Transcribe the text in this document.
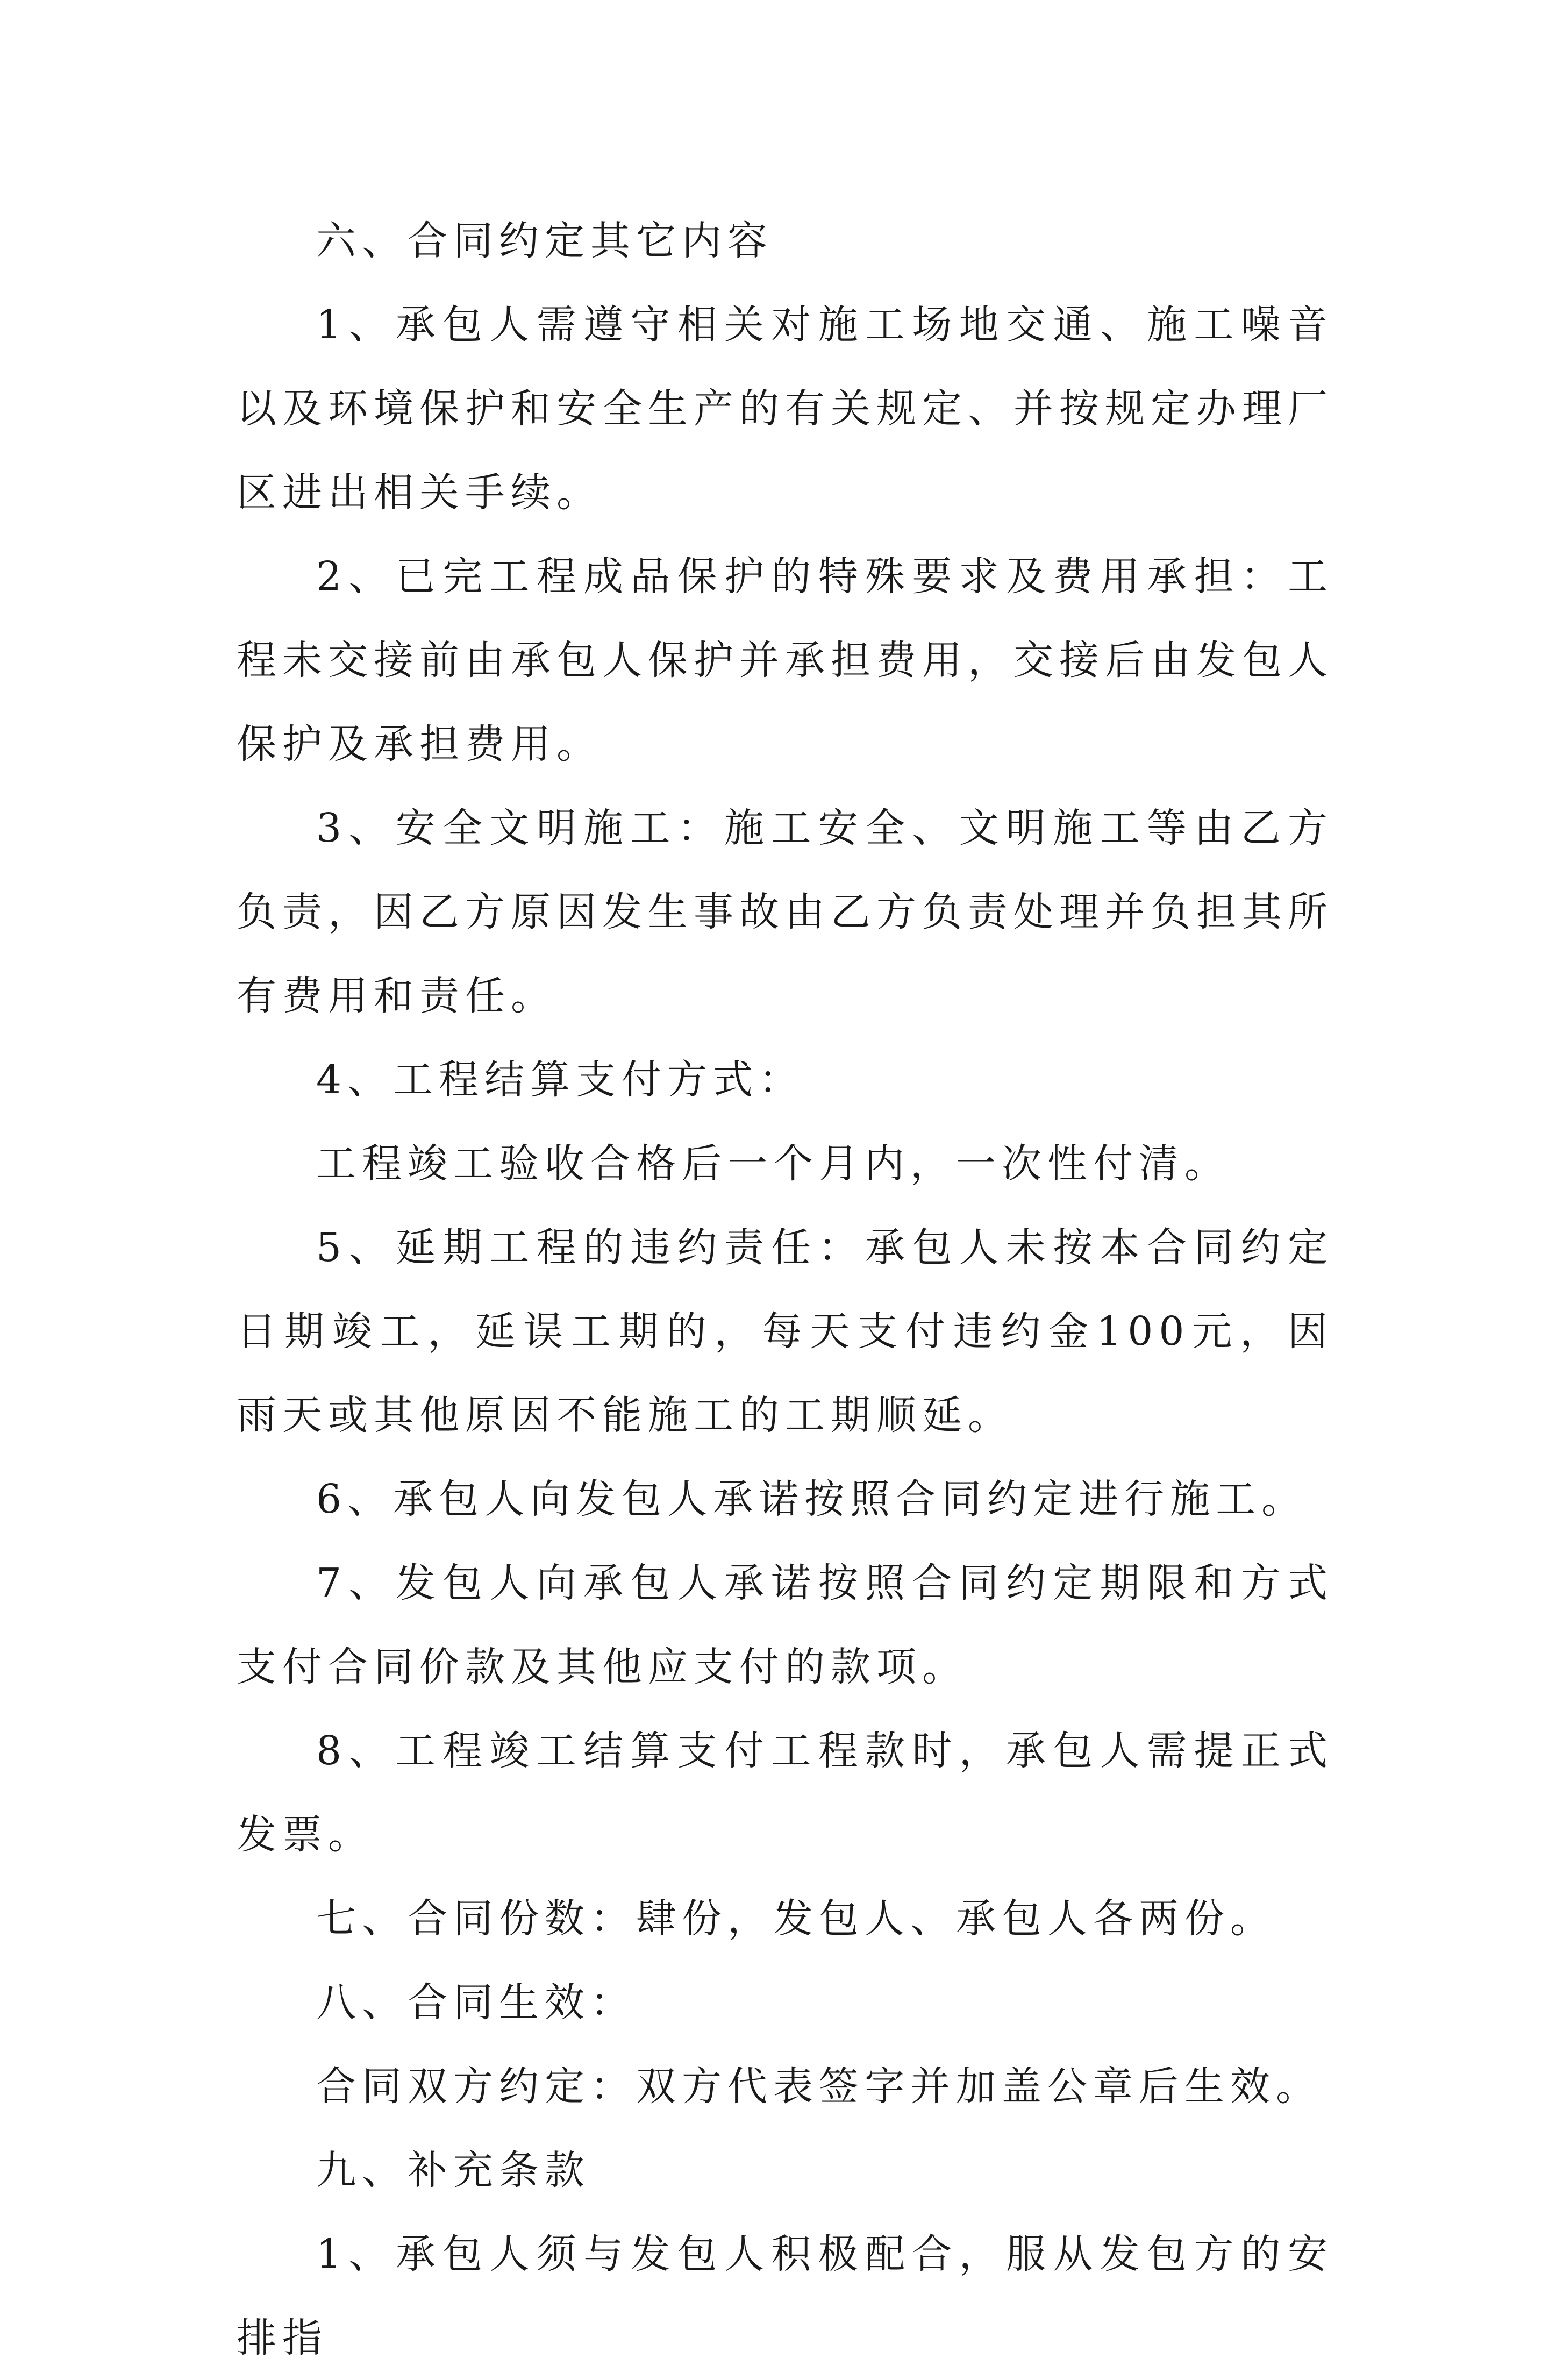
六、合同约定其它内容

1、承包人需遵守相关对施工场地交通、施工噪音以及环境保护和安全生产的有关规定、并按规定办理厂区进出相关手续。

2、已完工程成品保护的特殊要求及费用承担：工程未交接前由承包人保护并承担费用，交接后由发包人保护及承担费用。

3、安全文明施工：施工安全、文明施工等由乙方负责，因乙方原因发生事故由乙方负责处理并负担其所有费用和责任。

4、工程结算支付方式：

工程竣工验收合格后一个月内，一次性付清。

5、延期工程的违约责任：承包人未按本合同约定日期竣工，延误工期的，每天支付违约金100元，因雨天或其他原因不能施工的工期顺延。

6、承包人向发包人承诺按照合同约定进行施工。

7、发包人向承包人承诺按照合同约定期限和方式支付合同价款及其他应支付的款项。

8、工程竣工结算支付工程款时，承包人需提正式发票。

七、合同份数：肆份，发包人、承包人各两份。

八、合同生效：

合同双方约定：双方代表签字并加盖公章后生效。

九、补充条款

1、承包人须与发包人积极配合，服从发包方的安排指
